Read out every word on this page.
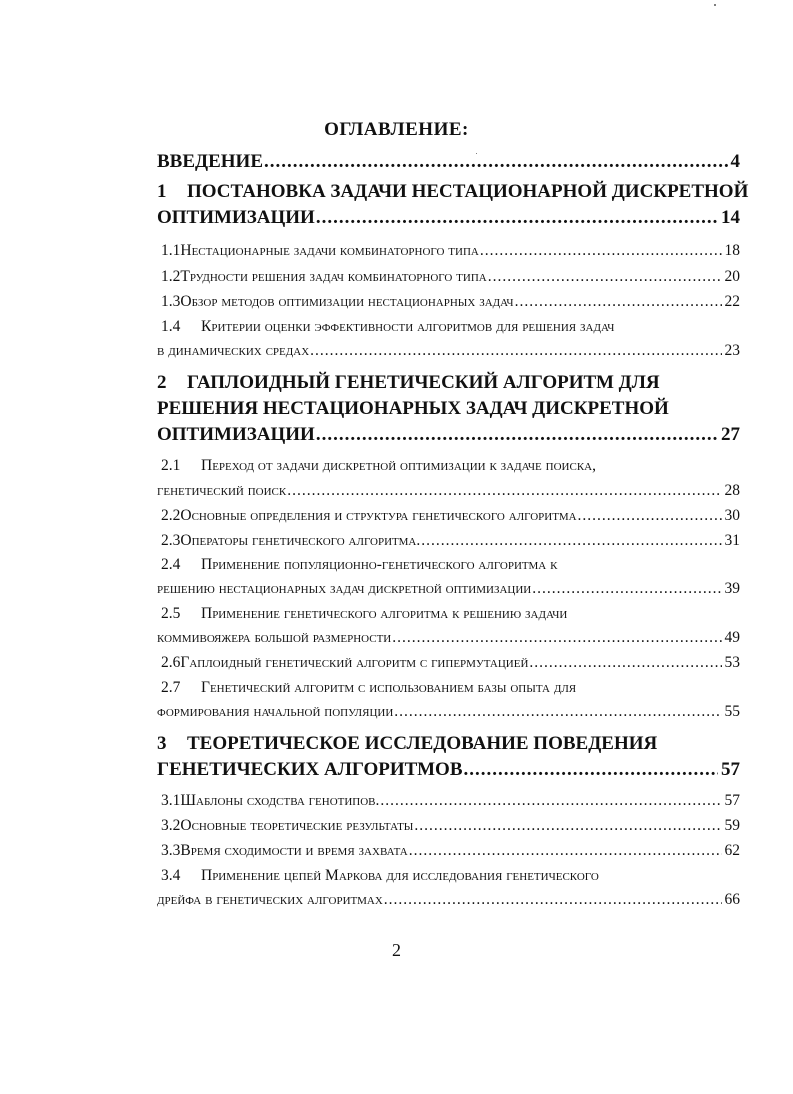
ОГЛАВЛЕНИЕ:
ВВЕДЕНИЕ .....	4
1 ПОСТАНОВКА ЗАДАЧИ НЕСТАЦИОНАРНОЙ ДИСКРЕТНОЙ
ОПТИМИЗАЦИИ .....	14
1.1 Нестационарные задачи комбинаторного типа .....	18
1.2 Трудности решения задач комбинаторного типа .....	20
1.3 Обзор методов оптимизации нестационарных задач .....	22
1.4 Критерии оценки эффективности алгоритмов для решения задач
в динамических средах .....	23
2 ГАПЛОИДНЫЙ ГЕНЕТИЧЕСКИЙ АЛГОРИТМ ДЛЯ
РЕШЕНИЯ НЕСТАЦИОНАРНЫХ ЗАДАЧ ДИСКРЕТНОЙ
ОПТИМИЗАЦИИ .....	27
2.1 Переход от задачи дискретной оптимизации к задаче поиска,
генетический поиск .....	28
2.2 Основные определения и структура генетического алгоритма .....	30
2.3 Операторы генетического алгоритма. .....	31
2.4 Применение популяционно-генетического алгоритма к
решению нестационарных задач дискретной оптимизации .....	39
2.5 Применение генетического алгоритма к решению задачи
коммивояжера большой размерности .....	49
2.6 Гаплоидный генетический алгоритм с гипермутацией .....	53
2.7 Генетический алгоритм с использованием базы опыта для
формирования начальной популяции .....	55
3 ТЕОРЕТИЧЕСКОЕ ИССЛЕДОВАНИЕ ПОВЕДЕНИЯ
ГЕНЕТИЧЕСКИХ АЛГОРИТМОВ .....	57
3.1 Шаблоны сходства генотипов. .....	57
3.2 Основные теоретические результаты .....	59
3.3 Время сходимости и время захвата .....	62
3.4 Применение цепей Маркова для исследования генетического
дрейфа в генетических алгоритмах .....	66
2
